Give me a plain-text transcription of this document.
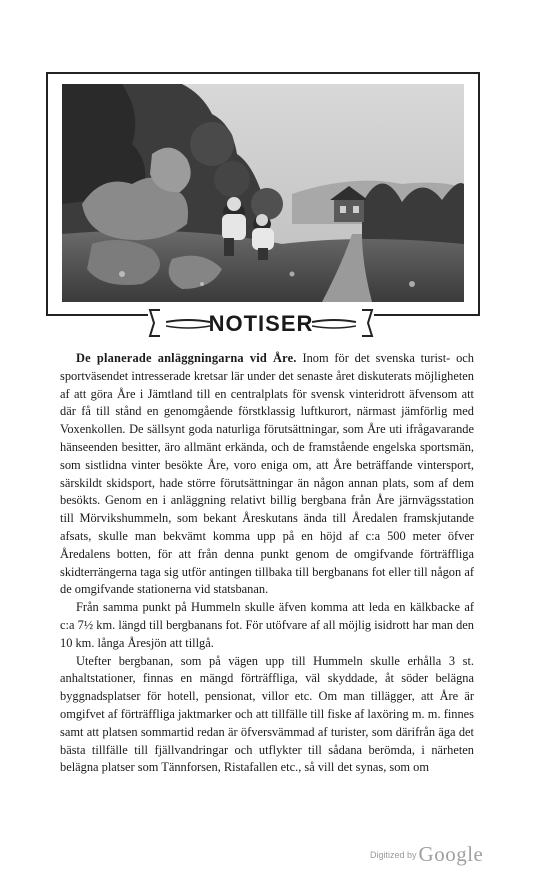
NOTISER

De planerade anläggningarna vid Åre. Inom för det svenska turist- och sportväsendet intresserade kretsar lär under det senaste året diskuterats möjligheten af att göra Åre i Jämtland till en centralplats för svensk vinteridrott äfvensom att där få till stånd en genomgående förstklassig luftkurort, närmast jämförlig med Voxenkollen. De sällsynt goda naturliga förutsättningar, som Åre uti ifrågavarande hänseenden besitter, äro allmänt erkända, och de framstående engelska sportsmän, som sistlidna vinter besökte Åre, voro eniga om, att Åre beträffande vintersport, särskildt skidsport, hade större förutsättningar än någon annan plats, som af dem besökts. Genom en i anläggning relativt billig bergbana från Åre järnvägsstation till Mörvikshummeln, som bekant Åreskutans ända till Åredalen framskjutande afsats, skulle man bekvämt komma upp på en höjd af c:a 500 meter öfver Åredalens botten, för att från denna punkt genom de omgifvande förträffliga skidterrängerna taga sig utför antingen tillbaka till bergbanans fot eller till någon af de omgifvande stationerna vid statsbanan.

Från samma punkt på Hummeln skulle äfven komma att leda en kälkbacke af c:a 7½ km. längd till bergbanans fot. För utöfvare af all möjlig isidrott har man den 10 km. långa Åresjön att tillgå.

Utefter bergbanan, som på vägen upp till Hummeln skulle erhålla 3 st. anhaltstationer, finnas en mängd förträffliga, väl skyddade, åt söder belägna byggnadsplatser för hotell, pensionat, villor etc. Om man tillägger, att Åre är omgifvet af förträffliga jaktmarker och att tillfälle till fiske af laxöring m. m. finnes samt att platsen sommartid redan är öfversvämmad af turister, som därifrån äga det bästa tillfälle till fjällvandringar och utflykter till sådana berömda, i närheten belägna platser som Tännforsen, Ristafallen etc., så vill det synas, som om

Digitized byGoogle
